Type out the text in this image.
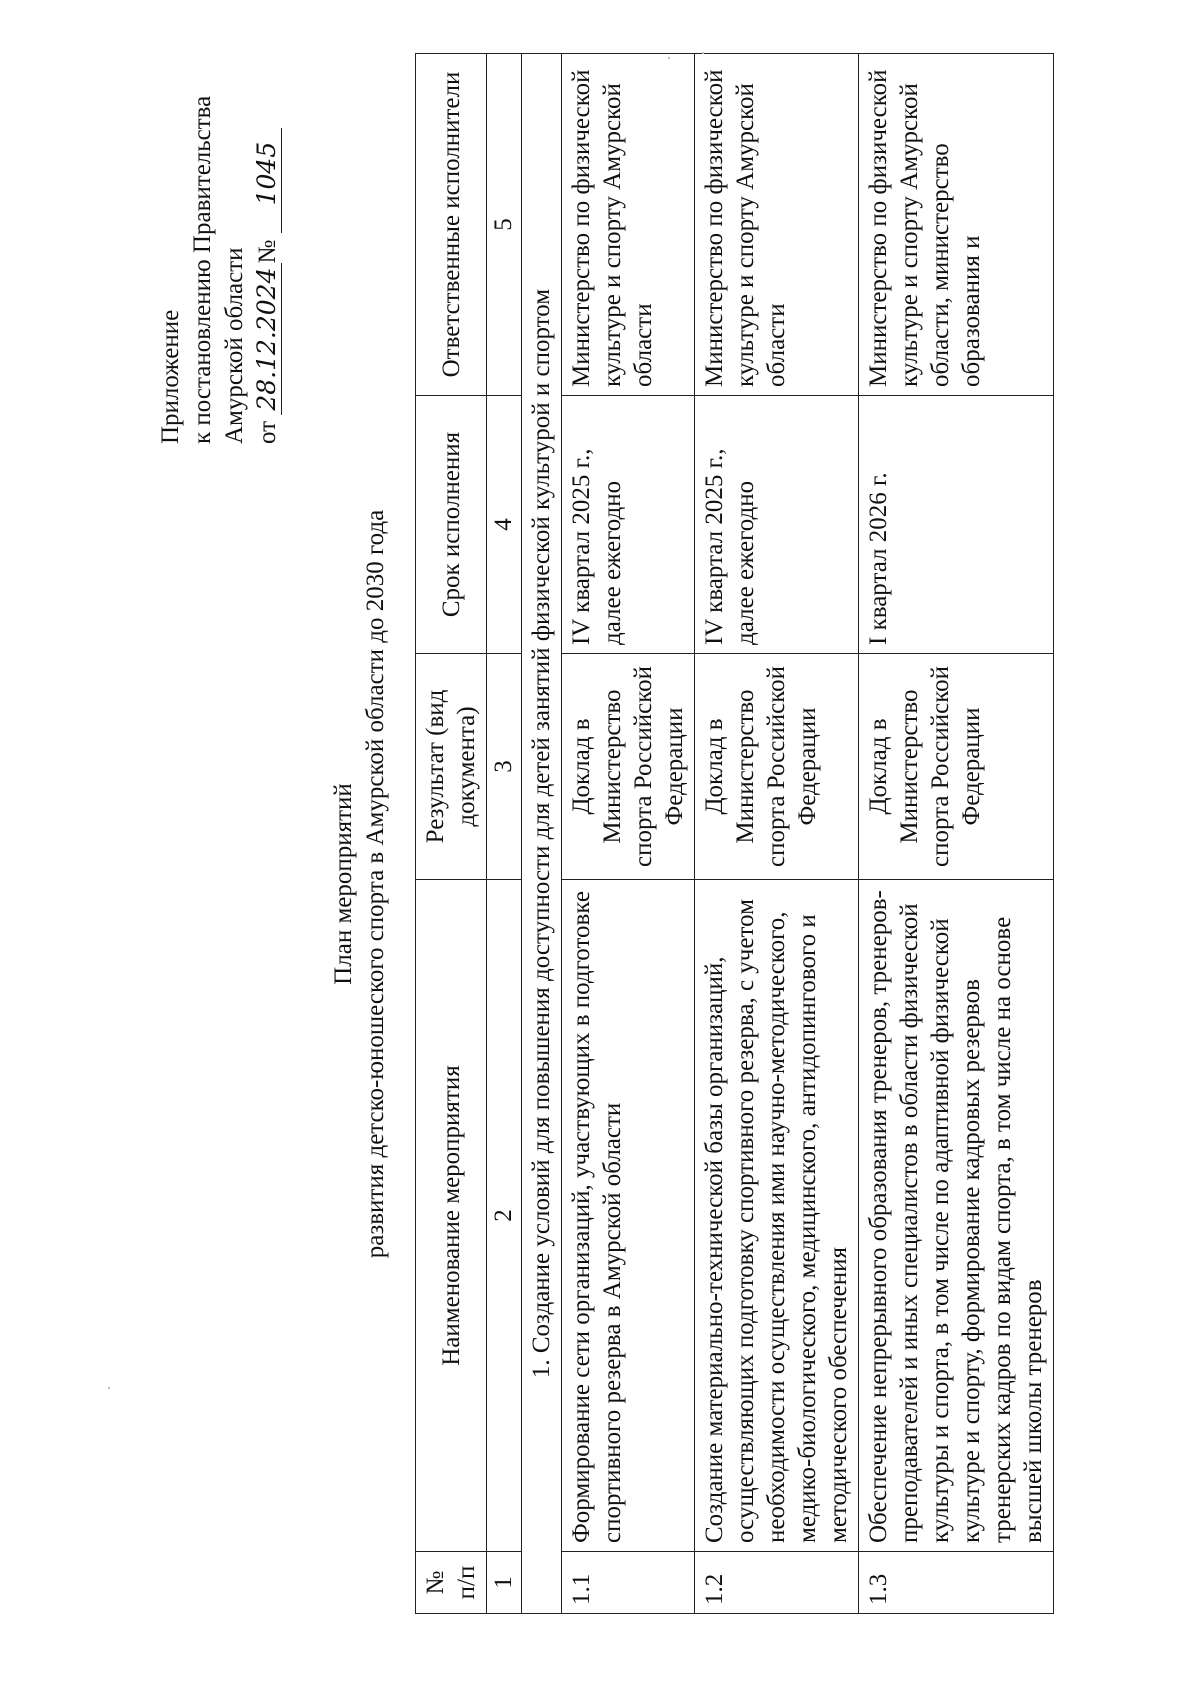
Приложение к постановлению Правительства Амурской области от 28.12.2024№ 1045
План мероприятий развития детско-юношеского спорта в Амурской области до 2030 года
№ п/п	Наименование мероприятия	Результат (вид документа)	Срок исполнения	Ответственные исполнители
1	2	3	4	5
1. Создание условий для повышения доступности для детей занятий физической культурой и спортом				
1.1	Формирование сети организаций, участвующих в подготовке спортивного резерва в Амурской области	Доклад в Министерство спорта Российской Федерации	IV квартал 2025 г., далее ежегодно	Министерство по физической культуре и спорту Амурской области
1.2	Создание материально-технической базы организаций, осуществляющих подготовку спортивного резерва, с учетом необходимости осуществления ими научно-методического, медико-биологического, медицинского, антидопингового и методического обеспечения	Доклад в Министерство спорта Российской Федерации	IV квартал 2025 г., далее ежегодно	Министерство по физической культуре и спорту Амурской области
1.3	Обеспечение непрерывного образования тренеров, тренеров-преподавателей и иных специалистов в области физической культуры и спорта, в том числе по адаптивной физической культуре и спорту, формирование кадровых резервов тренерских кадров по видам спорта, в том числе на основе высшей школы тренеров	Доклад в Министерство спорта Российской Федерации	I квартал 2026 г.	Министерство по физической культуре и спорту Амурской области, министерство образования и
